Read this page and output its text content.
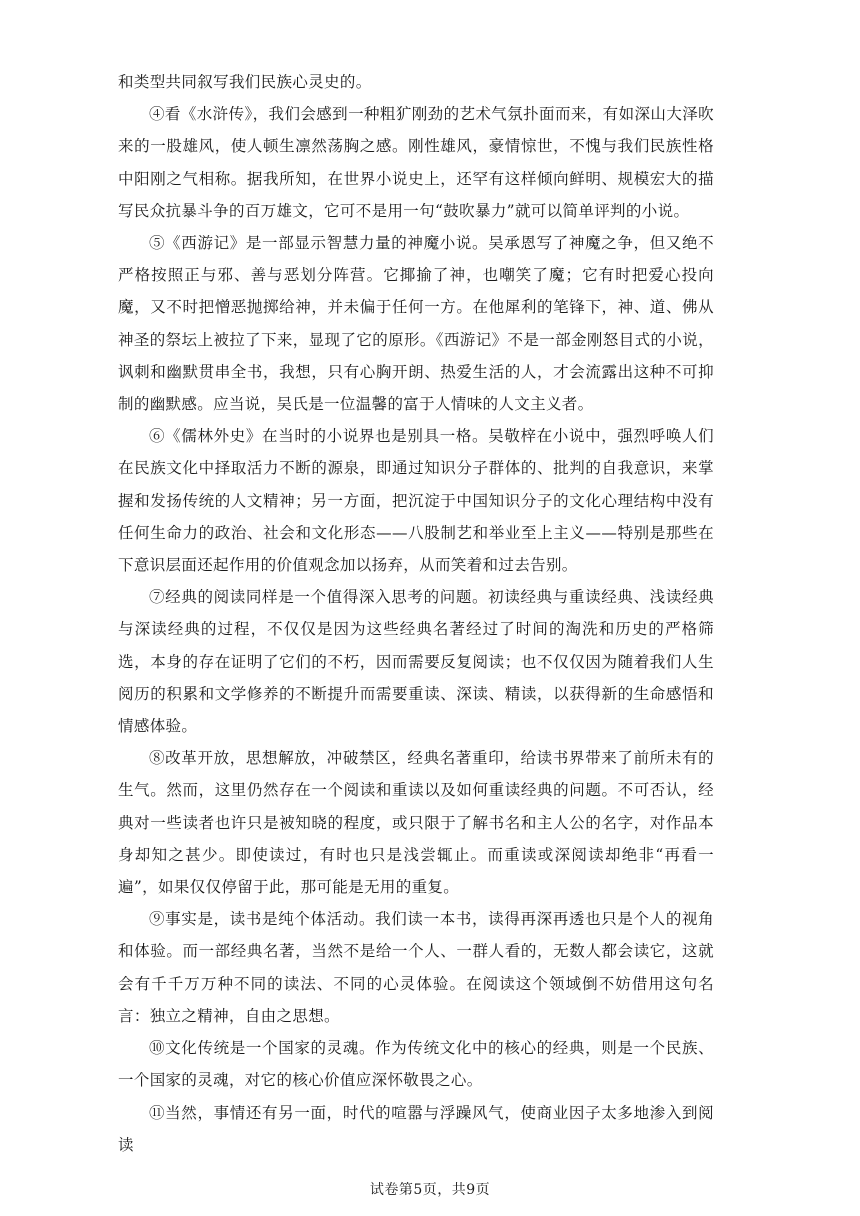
和类型共同叙写我们民族心灵史的。

④看《水浒传》，我们会感到一种粗犷刚劲的艺术气氛扑面而来，有如深山大泽吹来的一股雄风，使人顿生凛然荡胸之感。刚性雄风，豪情惊世，不愧与我们民族性格中阳刚之气相称。据我所知，在世界小说史上，还罕有这样倾向鲜明、规模宏大的描写民众抗暴斗争的百万雄文，它可不是用一句“鼓吹暴力”就可以简单评判的小说。

⑤《西游记》是一部显示智慧力量的神魔小说。吴承恩写了神魔之争，但又绝不严格按照正与邪、善与恶划分阵营。它揶揄了神，也嘲笑了魔；它有时把爱心投向魔，又不时把憎恶抛掷给神，并未偏于任何一方。在他犀利的笔锋下，神、道、佛从神圣的祭坛上被拉了下来，显现了它的原形。《西游记》不是一部金刚怒目式的小说，讽刺和幽默贯串全书，我想，只有心胸开朗、热爱生活的人，才会流露出这种不可抑制的幽默感。应当说，吴氏是一位温馨的富于人情味的人文主义者。

⑥《儒林外史》在当时的小说界也是别具一格。吴敬梓在小说中，强烈呼唤人们在民族文化中择取活力不断的源泉，即通过知识分子群体的、批判的自我意识，来掌握和发扬传统的人文精神；另一方面，把沉淀于中国知识分子的文化心理结构中没有任何生命力的政治、社会和文化形态——八股制艺和举业至上主义——特别是那些在下意识层面还起作用的价值观念加以扬弃，从而笑着和过去告别。

⑦经典的阅读同样是一个值得深入思考的问题。初读经典与重读经典、浅读经典与深读经典的过程，不仅仅是因为这些经典名著经过了时间的淘洗和历史的严格筛选，本身的存在证明了它们的不朽，因而需要反复阅读；也不仅仅因为随着我们人生阅历的积累和文学修养的不断提升而需要重读、深读、精读，以获得新的生命感悟和情感体验。

⑧改革开放，思想解放，冲破禁区，经典名著重印，给读书界带来了前所未有的生气。然而，这里仍然存在一个阅读和重读以及如何重读经典的问题。不可否认，经典对一些读者也许只是被知晓的程度，或只限于了解书名和主人公的名字，对作品本身却知之甚少。即使读过，有时也只是浅尝辄止。而重读或深阅读却绝非“再看一遍”，如果仅仅停留于此，那可能是无用的重复。

⑨事实是，读书是纯个体活动。我们读一本书，读得再深再透也只是个人的视角和体验。而一部经典名著，当然不是给一个人、一群人看的，无数人都会读它，这就会有千千万万种不同的读法、不同的心灵体验。在阅读这个领域倒不妨借用这句名言：独立之精神，自由之思想。

⑩文化传统是一个国家的灵魂。作为传统文化中的核心的经典，则是一个民族、一个国家的灵魂，对它的核心价值应深怀敬畏之心。

⑪当然，事情还有另一面，时代的喧嚣与浮躁风气，使商业因子太多地渗入到阅读

试卷第5页，共9页
